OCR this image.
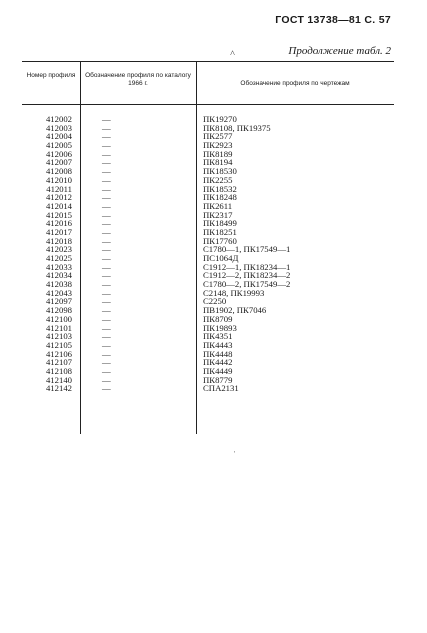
ГОСТ 13738—81 С. 57
˄	Продолжение табл. 2
Номер профиля	Обозначение профиля по каталогу 1966 г.	Обозначение профиля по чертежам
412002	—	ПК19270
412003	—	ПК8108, ПК19375
412004	—	ПК2577
412005	—	ПК2923
412006	—	ПК8189
412007	—	ПК8194
412008	—	ПК18530
412010	—	ПК2255
412011	—	ПК18532
412012	—	ПК18248
412014	—	ПК2611
412015	—	ПК2317
412016	—	ПК18499
412017	—	ПК18251
412018	—	ПК17760
412023	—	С1780—1, ПК17549—1
412025	—	ПС1064Д
412033	—	С1912—1, ПК18234—1
412034	—	С1912—2, ПК18234—2
412038	—	С1780—2, ПК17549—2
412043	—	С2148, ПК19993
412097	—	С2250
412098	—	ПВ1902, ПК7046
412100	—	ПК8709
412101	—	ПК19893
412103	—	ПК4351
412105	—	ПК4443
412106	—	ПК4448
412107	—	ПК4442
412108	—	ПК4449
412140	—	ПК8779
412142	—	СПА2131
ˈ
